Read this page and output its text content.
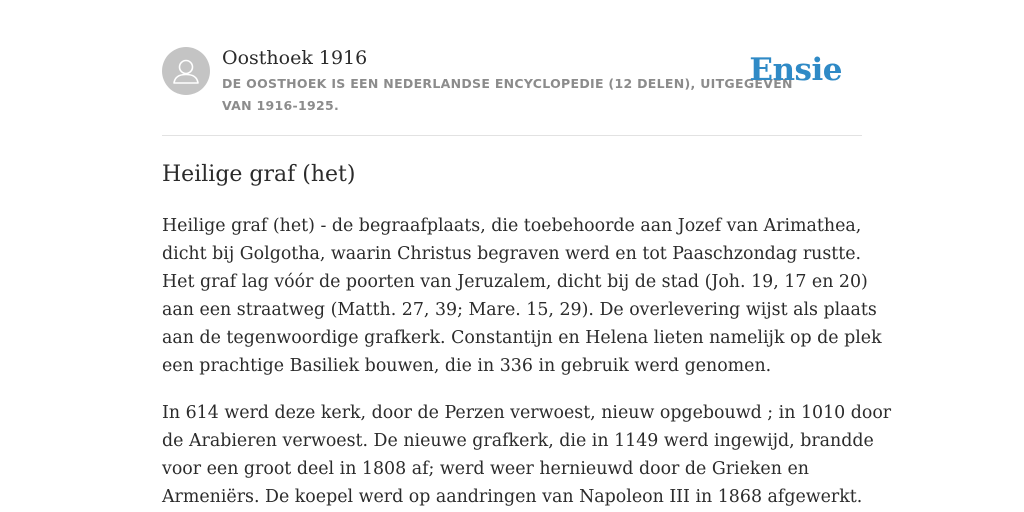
Oosthoek 1916
DE OOSTHOEK IS EEN NEDERLANDSE ENCYCLOPEDIE (12 DELEN), UITGEGEVEN
VAN 1916-1925.
Ensie
Heilige graf (het)

Heilige graf (het) - de begraafplaats, die toebehoorde aan Jozef van Arimathea,
dicht bij Golgotha, waarin Christus begraven werd en tot Paaschzondag rustte.
Het graf lag vóór de poorten van Jeruzalem, dicht bij de stad (Joh. 19, 17 en 20)
aan een straatweg (Matth. 27, 39; Mare. 15, 29). De overlevering wijst als plaats
aan de tegenwoordige grafkerk. Constantijn en Helena lieten namelijk op de plek
een prachtige Basiliek bouwen, die in 336 in gebruik werd genomen.

In 614 werd deze kerk, door de Perzen verwoest, nieuw opgebouwd ; in 1010 door
de Arabieren verwoest. De nieuwe grafkerk, die in 1149 werd ingewijd, brandde
voor een groot deel in 1808 af; werd weer hernieuwd door de Grieken en
Armeniërs. De koepel werd op aandringen van Napoleon III in 1868 afgewerkt.
